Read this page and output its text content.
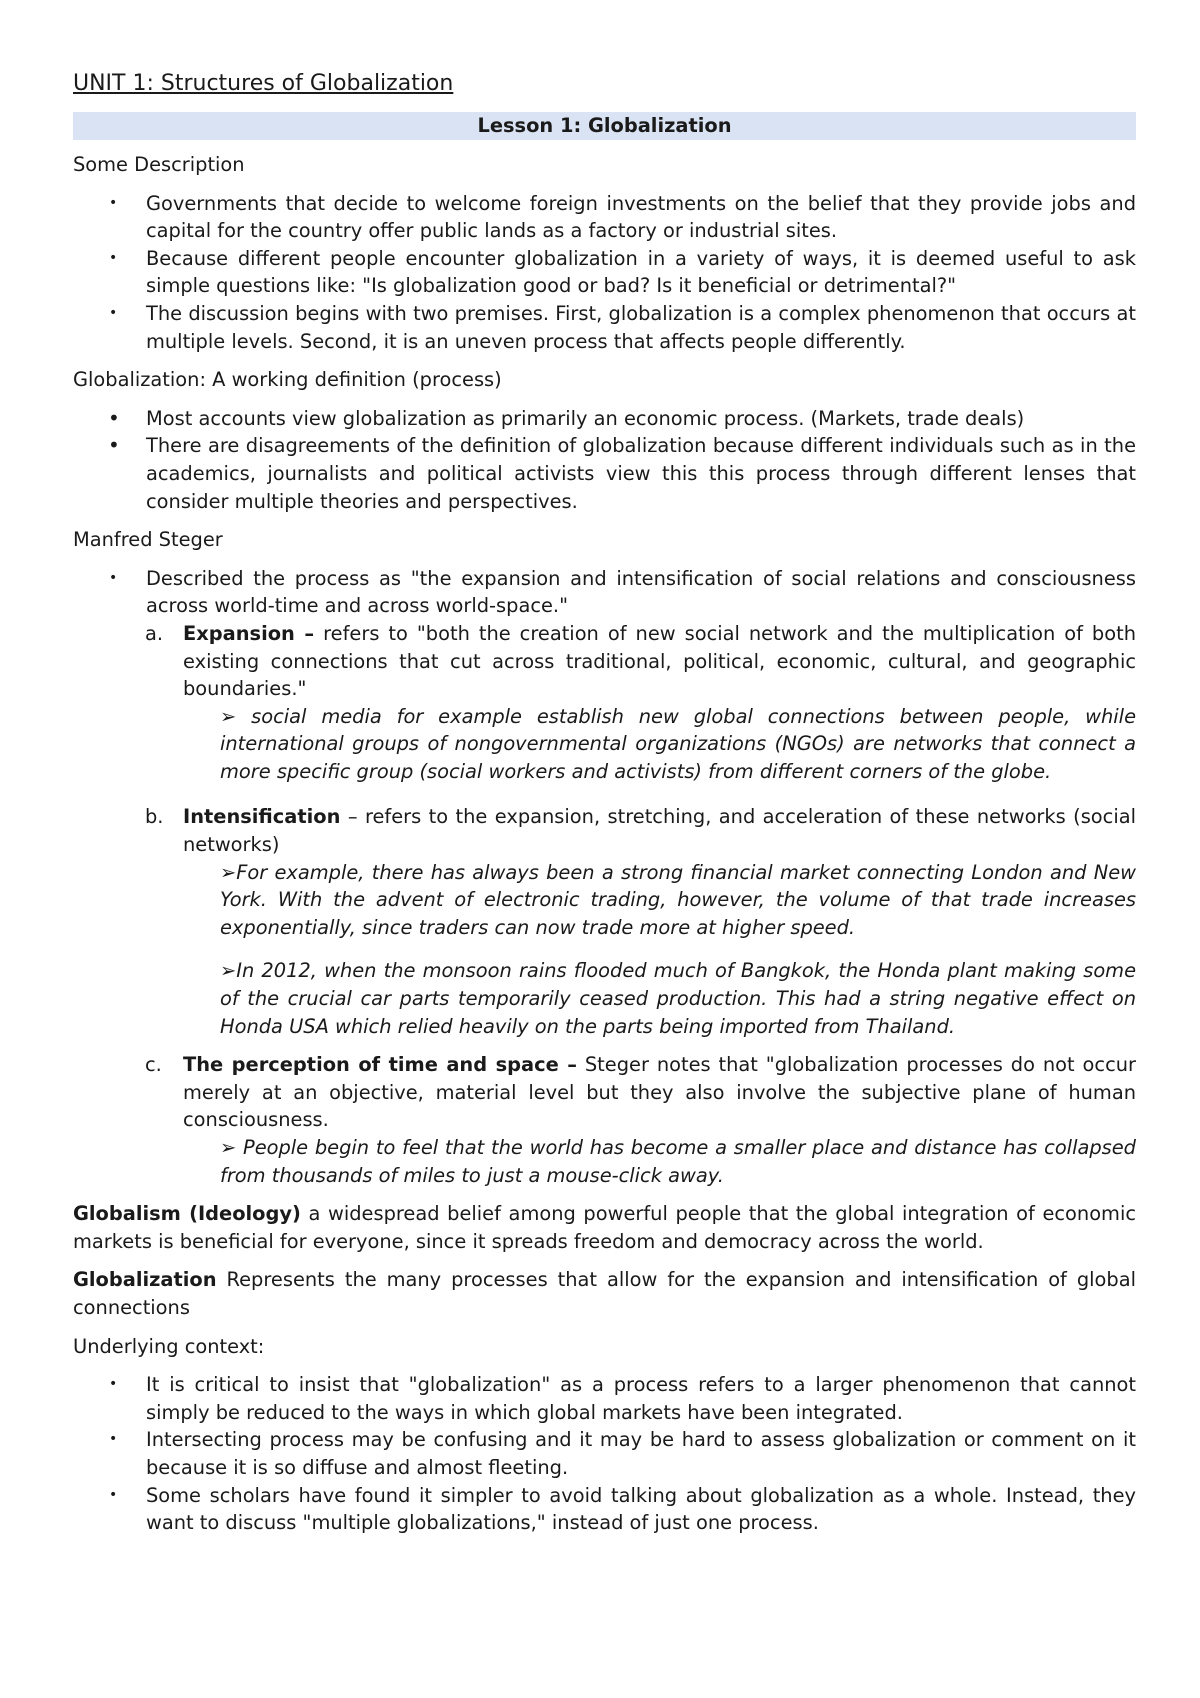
UNIT 1: Structures of Globalization
Lesson 1: Globalization
Some Description
• Governments that decide to welcome foreign investments on the belief that they provide jobs and capital for the country offer public lands as a factory or industrial sites.
• Because different people encounter globalization in a variety of ways, it is deemed useful to ask simple questions like: "Is globalization good or bad? Is it beneficial or detrimental?"
• The discussion begins with two premises. First, globalization is a complex phenomenon that occurs at multiple levels. Second, it is an uneven process that affects people differently.
Globalization: A working definition (process)
• Most accounts view globalization as primarily an economic process. (Markets, trade deals)
• There are disagreements of the definition of globalization because different individuals such as in the academics, journalists and political activists view this this process through different lenses that consider multiple theories and perspectives.
Manfred Steger
• Described the process as "the expansion and intensification of social relations and consciousness across world-time and across world-space."
a. Expansion – refers to "both the creation of new social network and the multiplication of both existing connections that cut across traditional, political, economic, cultural, and geographic boundaries."
➢ social media for example establish new global connections between people, while international groups of nongovernmental organizations (NGOs) are networks that connect a more specific group (social workers and activists) from different corners of the globe.
b. Intensification – refers to the expansion, stretching, and acceleration of these networks (social networks)
➢For example, there has always been a strong financial market connecting London and New York. With the advent of electronic trading, however, the volume of that trade increases exponentially, since traders can now trade more at higher speed.
➢In 2012, when the monsoon rains flooded much of Bangkok, the Honda plant making some of the crucial car parts temporarily ceased production. This had a string negative effect on Honda USA which relied heavily on the parts being imported from Thailand.
c. The perception of time and space – Steger notes that "globalization processes do not occur merely at an objective, material level but they also involve the subjective plane of human consciousness.
➢ People begin to feel that the world has become a smaller place and distance has collapsed from thousands of miles to just a mouse-click away.

Globalism (Ideology) a widespread belief among powerful people that the global integration of economic markets is beneficial for everyone, since it spreads freedom and democracy across the world.

Globalization Represents the many processes that allow for the expansion and intensification of global connections

Underlying context:
• It is critical to insist that "globalization" as a process refers to a larger phenomenon that cannot simply be reduced to the ways in which global markets have been integrated.
• Intersecting process may be confusing and it may be hard to assess globalization or comment on it because it is so diffuse and almost fleeting.
• Some scholars have found it simpler to avoid talking about globalization as a whole. Instead, they want to discuss "multiple globalizations," instead of just one process.
